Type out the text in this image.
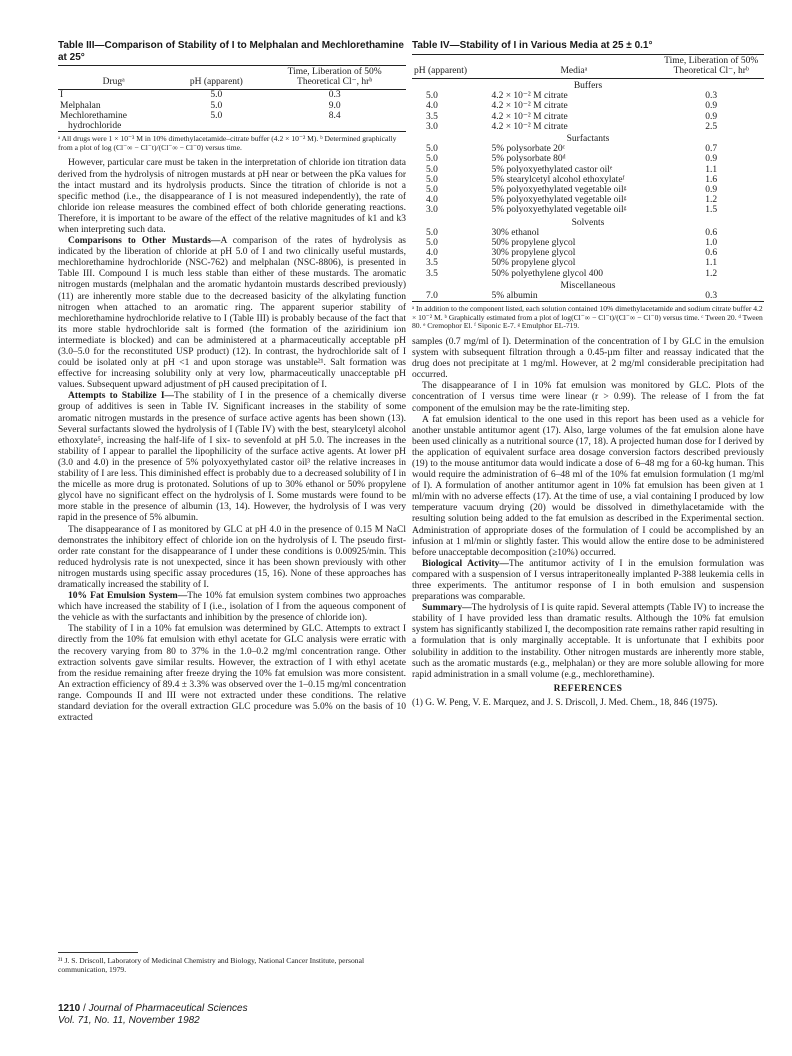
Table III—Comparison of Stability of I to Melphalan and Mechlorethamine at 25°
Drugᵃ	pH (apparent)	Time, Liberation of 50% Theoretical Cl⁻, hrᵇ
I	5.0	0.3
Melphalan	5.0	9.0
Mechlorethamine hydrochloride	5.0	8.4
ᵃ All drugs were 1 × 10⁻³ M in 10% dimethylacetamide–citrate buffer (4.2 × 10⁻² M). ᵇ Determined graphically from a plot of log (Cl⁻∞ − Cl⁻t)/(Cl⁻∞ − Cl⁻0) versus time.

However, particular care must be taken in the interpretation of chloride ion titration data derived from the hydrolysis of nitrogen mustards at pH near or between the pKa values for the intact mustard and its hydrolysis products. Since the titration of chloride is not a specific method (i.e., the disappearance of I is not measured independently), the rate of chloride ion release measures the combined effect of both chloride generating reactions. Therefore, it is important to be aware of the effect of the relative magnitudes of k1 and k3 when interpreting such data.

Comparisons to Other Mustards—A comparison of the rates of hydrolysis as indicated by the liberation of chloride at pH 5.0 of I and two clinically useful mustards, mechlorethamine hydrochloride (NSC-762) and melphalan (NSC-8806), is presented in Table III. Compound I is much less stable than either of these mustards. The aromatic nitrogen mustards (melphalan and the aromatic hydantoin mustards described previously) (11) are inherently more stable due to the decreased basicity of the alkylating function nitrogen when attached to an aromatic ring. The apparent superior stability of mechlorethamine hydrochloride relative to I (Table III) is probably because of the fact that its more stable hydrochloride salt is formed (the formation of the aziridinium ion intermediate is blocked) and can be administered at a pharmaceutically acceptable pH (3.0–5.0 for the reconstituted USP product) (12). In contrast, the hydrochloride salt of I could be isolated only at pH <1 and upon storage was unstable²¹. Salt formation was effective for increasing solubility only at very low, pharmaceutically unacceptable pH values. Subsequent upward adjustment of pH caused precipitation of I.

Attempts to Stabilize I—The stability of I in the presence of a chemically diverse group of additives is seen in Table IV. Significant increases in the stability of some aromatic nitrogen mustards in the presence of surface active agents has been shown (13). Several surfactants slowed the hydrolysis of I (Table IV) with the best, stearylcetyl alcohol ethoxylate⁵, increasing the half-life of I six- to sevenfold at pH 5.0. The increases in the stability of I appear to parallel the lipophilicity of the surface active agents. At lower pH (3.0 and 4.0) in the presence of 5% polyoxyethylated castor oil³ the relative increases in stability of I are less. This diminished effect is probably due to a decreased solubility of I in the micelle as more drug is protonated. Solutions of up to 30% ethanol or 50% propylene glycol have no significant effect on the hydrolysis of I. Some mustards were found to be more stable in the presence of albumin (13, 14). However, the hydrolysis of I was very rapid in the presence of 5% albumin.

The disappearance of I as monitored by GLC at pH 4.0 in the presence of 0.15 M NaCl demonstrates the inhibitory effect of chloride ion on the hydrolysis of I. The pseudo first-order rate constant for the disappearance of I under these conditions is 0.00925/min. This reduced hydrolysis rate is not unexpected, since it has been shown previously with other nitrogen mustards using specific assay procedures (15, 16). None of these approaches has dramatically increased the stability of I.

10% Fat Emulsion System—The 10% fat emulsion system combines two approaches which have increased the stability of I (i.e., isolation of I from the aqueous component of the vehicle as with the surfactants and inhibition by the presence of chloride ion).

The stability of I in a 10% fat emulsion was determined by GLC. Attempts to extract I directly from the 10% fat emulsion with ethyl acetate for GLC analysis were erratic with the recovery varying from 80 to 37% in the 1.0–0.2 mg/ml concentration range. Other extraction solvents gave similar results. However, the extraction of I with ethyl acetate from the residue remaining after freeze drying the 10% fat emulsion was more consistent. An extraction efficiency of 89.4 ± 3.3% was observed over the 1–0.15 mg/ml concentration range. Compounds II and III were not extracted under these conditions. The relative standard deviation for the overall extraction GLC procedure was 5.0% on the basis of 10 extracted

²¹ J. S. Driscoll, Laboratory of Medicinal Chemistry and Biology, National Cancer Institute, personal communication, 1979.
1210 / Journal of Pharmaceutical Sciences
Vol. 71, No. 11, November 1982
Table IV—Stability of I in Various Media at 25 ± 0.1°
pH (apparent)	Mediaᵃ	Time, Liberation of 50% Theoretical Cl⁻, hrᵇ
Buffers		
5.0	4.2 × 10⁻² M citrate	0.3
4.0	4.2 × 10⁻² M citrate	0.9
3.5	4.2 × 10⁻² M citrate	0.9
3.0	4.2 × 10⁻² M citrate	2.5
Surfactants		
5.0	5% polysorbate 20ᶜ	0.7
5.0	5% polysorbate 80ᵈ	0.9
5.0	5% polyoxyethylated castor oilᵉ	1.1
5.0	5% stearylcetyl alcohol ethoxylateᶠ	1.6
5.0	5% polyoxyethylated vegetable oilᵍ	0.9
4.0	5% polyoxyethylated vegetable oilᵍ	1.2
3.0	5% polyoxyethylated vegetable oilᵍ	1.5
Solvents		
5.0	30% ethanol	0.6
5.0	50% propylene glycol	1.0
4.0	30% propylene glycol	0.6
3.5	50% propylene glycol	1.1
3.5	50% polyethylene glycol 400	1.2
Miscellaneous		
7.0	5% albumin	0.3
ᵃ In addition to the component listed, each solution contained 10% dimethylacetamide and sodium citrate buffer 4.2 × 10⁻² M. ᵇ Graphically estimated from a plot of log(Cl⁻∞ − Cl⁻t)/(Cl⁻∞ − Cl⁻0) versus time. ᶜ Tween 20. ᵈ Tween 80. ᵉ Cremophor El. ᶠ Siponic E-7. ᵍ Emulphor EL-719.

samples (0.7 mg/ml of I). Determination of the concentration of I by GLC in the emulsion system with subsequent filtration through a 0.45-µm filter and reassay indicated that the drug does not precipitate at 1 mg/ml. However, at 2 mg/ml considerable precipitation had occurred.

The disappearance of I in 10% fat emulsion was monitored by GLC. Plots of the concentration of I versus time were linear (r > 0.99). The release of I from the fat component of the emulsion may be the rate-limiting step.

A fat emulsion identical to the one used in this report has been used as a vehicle for another unstable antitumor agent (17). Also, large volumes of the fat emulsion alone have been used clinically as a nutritional source (17, 18). A projected human dose for I derived by the application of equivalent surface area dosage conversion factors described previously (19) to the mouse antitumor data would indicate a dose of 6–48 mg for a 60-kg human. This would require the administration of 6–48 ml of the 10% fat emulsion formulation (1 mg/ml of I). A formulation of another antitumor agent in 10% fat emulsion has been given at 1 ml/min with no adverse effects (17). At the time of use, a vial containing I produced by low temperature vacuum drying (20) would be dissolved in dimethylacetamide with the resulting solution being added to the fat emulsion as described in the Experimental section. Administration of appropriate doses of the formulation of I could be accomplished by an infusion at 1 ml/min or slightly faster. This would allow the entire dose to be administered before unacceptable decomposition (≥10%) occurred.

Biological Activity—The antitumor activity of I in the emulsion formulation was compared with a suspension of I versus intraperitoneally implanted P-388 leukemia cells in three experiments. The antitumor response of I in both emulsion and suspension preparations was comparable.

Summary—The hydrolysis of I is quite rapid. Several attempts (Table IV) to increase the stability of I have provided less than dramatic results. Although the 10% fat emulsion system has significantly stabilized I, the decomposition rate remains rather rapid resulting in a formulation that is only marginally acceptable. It is unfortunate that I exhibits poor solubility in addition to the instability. Other nitrogen mustards are inherently more stable, such as the aromatic mustards (e.g., melphalan) or they are more soluble allowing for more rapid administration in a small volume (e.g., mechlorethamine).

REFERENCES

(1) G. W. Peng, V. E. Marquez, and J. S. Driscoll, J. Med. Chem., 18, 846 (1975).
